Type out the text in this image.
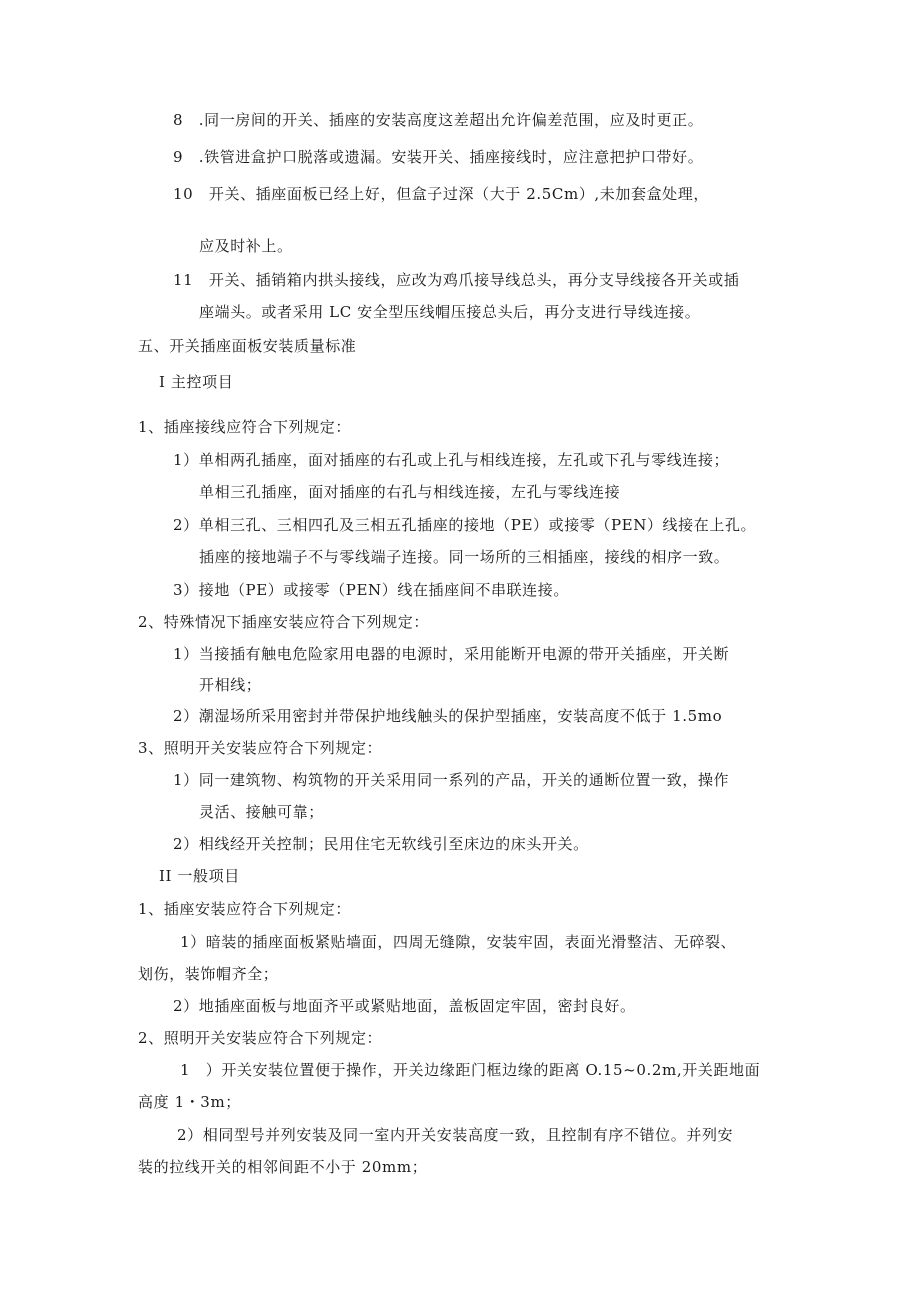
8 .同一房间的开关、插座的安装高度这差超出允许偏差范围，应及时更正。
9 .铁管进盒护口脱落或遗漏。安装开关、插座接线时，应注意把护口带好。
10 开关、插座面板已经上好，但盒子过深（大于 2.5Cm）,未加套盒处理，
应及时补上。
11 开关、插销箱内拱头接线，应改为鸡爪接导线总头，再分支导线接各开关或插
座端头。或者采用 LC 安全型压线帽压接总头后，再分支进行导线连接。
五、开关插座面板安装质量标准
I 主控项目
1、插座接线应符合下列规定：
1）单相两孔插座，面对插座的右孔或上孔与相线连接，左孔或下孔与零线连接；
单相三孔插座，面对插座的右孔与相线连接，左孔与零线连接
2）单相三孔、三相四孔及三相五孔插座的接地（PE）或接零（PEN）线接在上孔。
插座的接地端子不与零线端子连接。同一场所的三相插座，接线的相序一致。
3）接地（PE）或接零（PEN）线在插座间不串联连接。
2、特殊情况下插座安装应符合下列规定：
1）当接插有触电危险家用电器的电源时，采用能断开电源的带开关插座，开关断
开相线；
2）潮湿场所采用密封并带保护地线触头的保护型插座，安装高度不低于 1.5mo
3、照明开关安装应符合下列规定：
1）同一建筑物、构筑物的开关采用同一系列的产品，开关的通断位置一致，操作
灵活、接触可靠；
2）相线经开关控制；民用住宅无软线引至床边的床头开关。
II 一般项目
1、插座安装应符合下列规定：
1）暗装的插座面板紧贴墙面，四周无缝隙，安装牢固，表面光滑整洁、无碎裂、
划伤，装饰帽齐全；
2）地插座面板与地面齐平或紧贴地面，盖板固定牢固，密封良好。
2、照明开关安装应符合下列规定：
1 ）开关安装位置便于操作，开关边缘距门框边缘的距离 O.15~0.2m,开关距地面
高度 1・3m；
2）相同型号并列安装及同一室内开关安装高度一致，且控制有序不错位。并列安
装的拉线开关的相邻间距不小于 20mm；
